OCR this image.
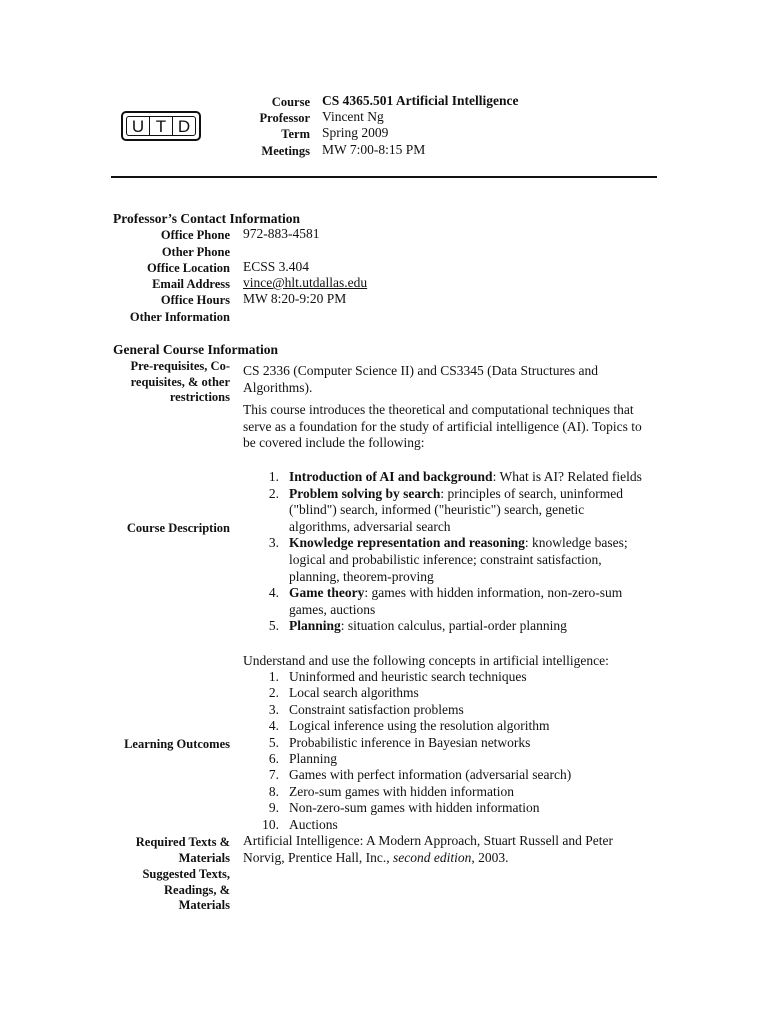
U T D
Course CS 4365.501 Artificial Intelligence
Professor Vincent Ng
Term Spring 2009
Meetings MW 7:00-8:15 PM
Professor’s Contact Information
Office Phone 972-883-4581
Other Phone
Office Location ECSS 3.404
Email Address vince@hlt.utdallas.edu
Office Hours MW 8:20-9:20 PM
Other Information
General Course Information
Pre-requisites, Co-
requisites, & other
restrictions
CS 2336 (Computer Science II) and CS3345 (Data Structures and
Algorithms).
This course introduces the theoretical and computational techniques that
serve as a foundation for the study of artificial intelligence (AI). Topics to
be covered include the following:
Course Description
1. Introduction of AI and background: What is AI? Related fields
2. Problem solving by search: principles of search, uninformed
("blind") search, informed ("heuristic") search, genetic
algorithms, adversarial search
3. Knowledge representation and reasoning: knowledge bases;
logical and probabilistic inference; constraint satisfaction,
planning, theorem-proving
4. Game theory: games with hidden information, non-zero-sum
games, auctions
5. Planning: situation calculus, partial-order planning
Understand and use the following concepts in artificial intelligence:
Learning Outcomes
1. Uninformed and heuristic search techniques
2. Local search algorithms
3. Constraint satisfaction problems
4. Logical inference using the resolution algorithm
5. Probabilistic inference in Bayesian networks
6. Planning
7. Games with perfect information (adversarial search)
8. Zero-sum games with hidden information
9. Non-zero-sum games with hidden information
10. Auctions
Required Texts &
Materials
Artificial Intelligence: A Modern Approach, Stuart Russell and Peter
Norvig, Prentice Hall, Inc., second edition, 2003.
Suggested Texts,
Readings, &
Materials
